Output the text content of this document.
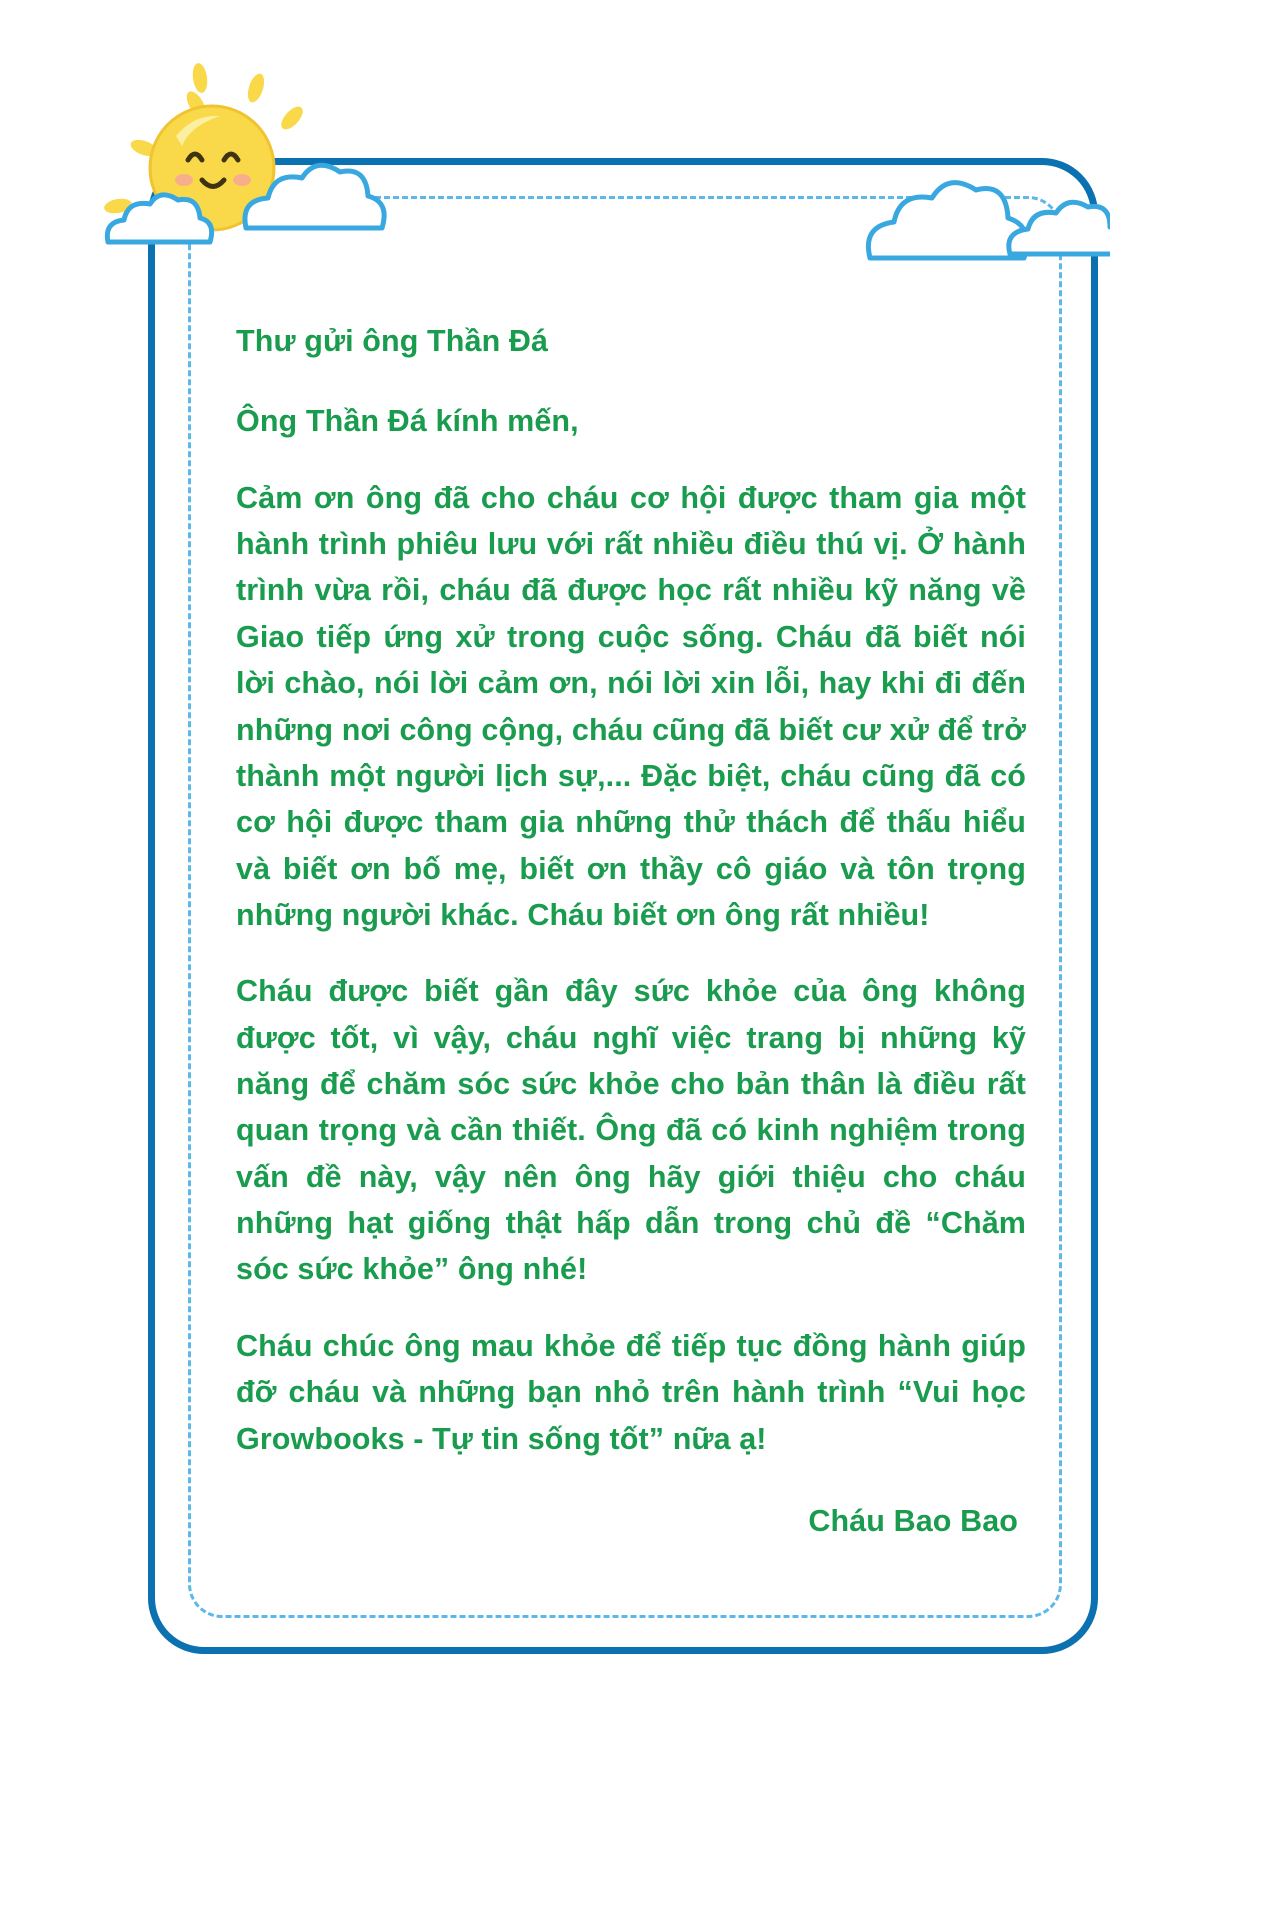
Thư gửi ông Thần Đá

Ông Thần Đá kính mến,

Cảm ơn ông đã cho cháu cơ hội được tham gia một hành trình phiêu lưu với rất nhiều điều thú vị. Ở hành trình vừa rồi, cháu đã được học rất nhiều kỹ năng về Giao tiếp ứng xử trong cuộc sống. Cháu đã biết nói lời chào, nói lời cảm ơn, nói lời xin lỗi, hay khi đi đến những nơi công cộng, cháu cũng đã biết cư xử để trở thành một người lịch sự,... Đặc biệt, cháu cũng đã có cơ hội được tham gia những thử thách để thấu hiểu và biết ơn bố mẹ, biết ơn thầy cô giáo và tôn trọng những người khác. Cháu biết ơn ông rất nhiều!

Cháu được biết gần đây sức khỏe của ông không được tốt, vì vậy, cháu nghĩ việc trang bị những kỹ năng để chăm sóc sức khỏe cho bản thân là điều rất quan trọng và cần thiết. Ông đã có kinh nghiệm trong vấn đề này, vậy nên ông hãy giới thiệu cho cháu những hạt giống thật hấp dẫn trong chủ đề “Chăm sóc sức khỏe” ông nhé!

Cháu chúc ông mau khỏe để tiếp tục đồng hành giúp đỡ cháu và những bạn nhỏ trên hành trình “Vui học Growbooks - Tự tin sống tốt” nữa ạ!

Cháu Bao Bao
